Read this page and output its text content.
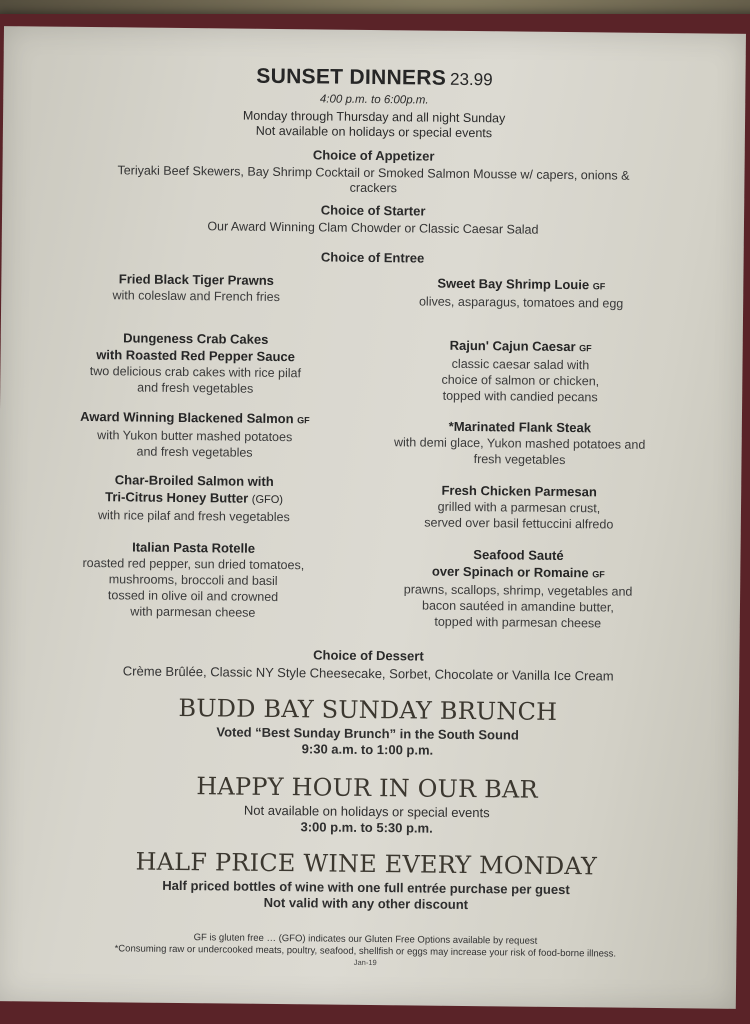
SUNSET DINNERS 23.99
4:00 p.m. to 6:00p.m.
Monday through Thursday and all night Sunday
Not available on holidays or special events
Choice of Appetizer
Teriyaki Beef Skewers, Bay Shrimp Cocktail or Smoked Salmon Mousse w/ capers, onions &
crackers
Choice of Starter
Our Award Winning Clam Chowder or Classic Caesar Salad
Choice of Entree
Fried Black Tiger Prawns
with coleslaw and French fries
Dungeness Crab Cakes
with Roasted Red Pepper Sauce
two delicious crab cakes with rice pilaf
and fresh vegetables
Award Winning Blackened Salmon GF
with Yukon butter mashed potatoes
and fresh vegetables
Char-Broiled Salmon with
Tri-Citrus Honey Butter (GFO)
with rice pilaf and fresh vegetables
Italian Pasta Rotelle
roasted red pepper, sun dried tomatoes,
mushrooms, broccoli and basil
tossed in olive oil and crowned
with parmesan cheese
Sweet Bay Shrimp Louie GF
olives, asparagus, tomatoes and egg
Rajun' Cajun Caesar GF
classic caesar salad with
choice of salmon or chicken,
topped with candied pecans
*Marinated Flank Steak
with demi glace, Yukon mashed potatoes and
fresh vegetables
Fresh Chicken Parmesan
grilled with a parmesan crust,
served over basil fettuccini alfredo
Seafood Sauté
over Spinach or Romaine GF
prawns, scallops, shrimp, vegetables and
bacon sautéed in amandine butter,
topped with parmesan cheese
Choice of Dessert
Crème Brûlée, Classic NY Style Cheesecake, Sorbet, Chocolate or Vanilla Ice Cream
BUDD BAY SUNDAY BRUNCH
Voted “Best Sunday Brunch” in the South Sound
9:30 a.m. to 1:00 p.m.
HAPPY HOUR IN OUR BAR
Not available on holidays or special events
3:00 p.m. to 5:30 p.m.
HALF PRICE WINE EVERY MONDAY
Half priced bottles of wine with one full entrée purchase per guest
Not valid with any other discount
GF is gluten free … (GFO) indicates our Gluten Free Options available by request
*Consuming raw or undercooked meats, poultry, seafood, shellfish or eggs may increase your risk of food-borne illness.
Jan-19
